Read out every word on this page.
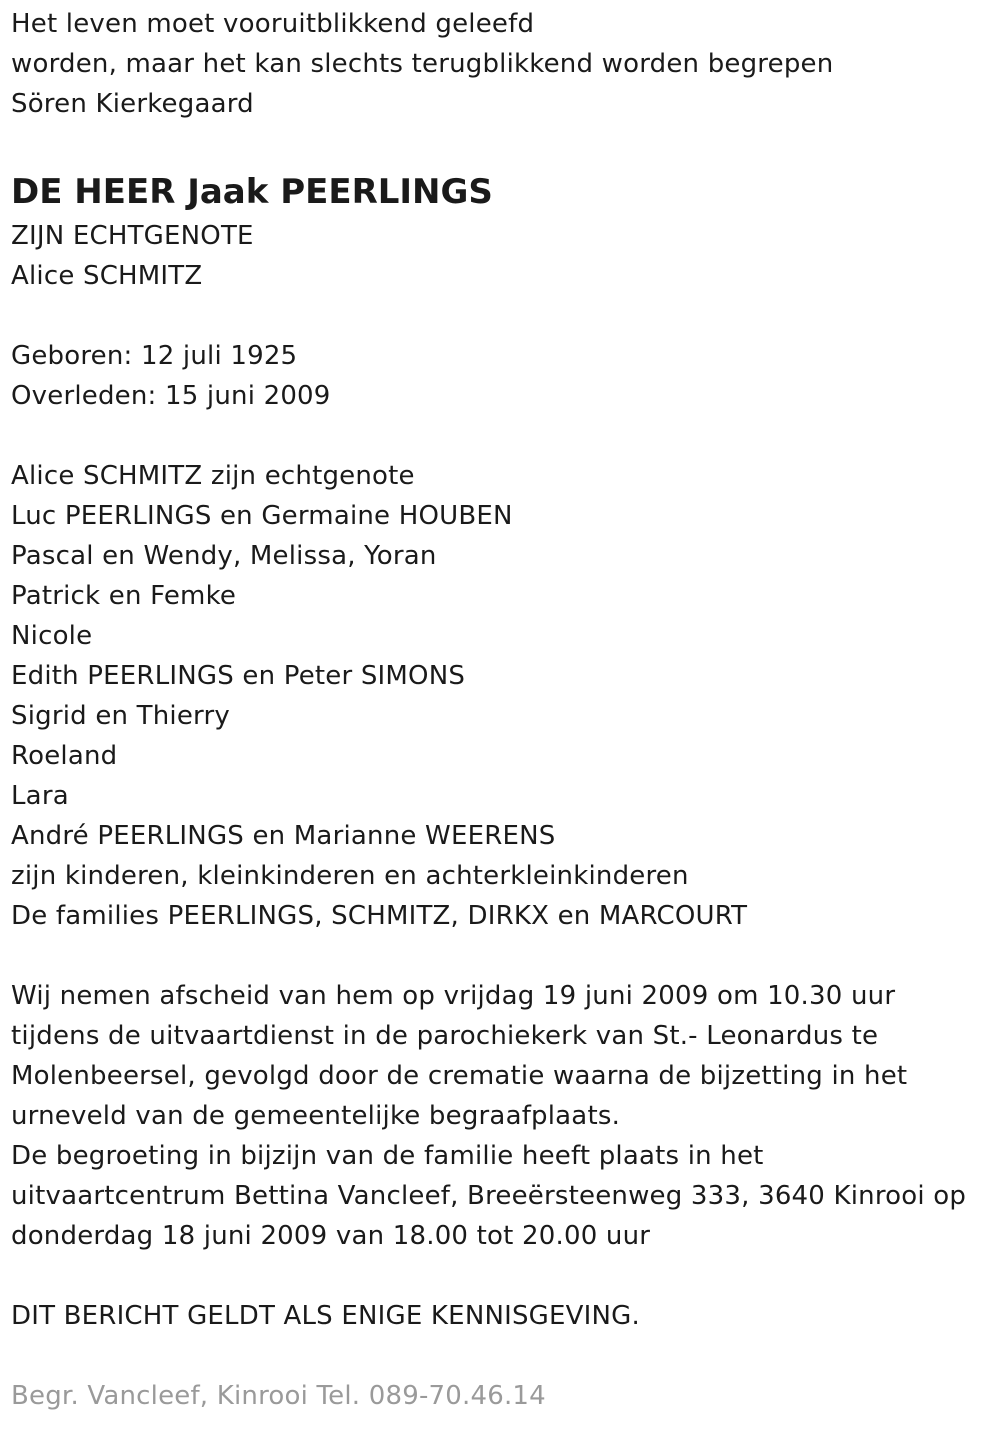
Het leven moet vooruitblikkend geleefd
worden, maar het kan slechts terugblikkend worden begrepen
Sören Kierkegaard
DE HEER Jaak PEERLINGS
ZIJN ECHTGENOTE
Alice SCHMITZ
Geboren: 12 juli 1925
Overleden: 15 juni 2009
Alice SCHMITZ zijn echtgenote
Luc PEERLINGS en Germaine HOUBEN
Pascal en Wendy, Melissa, Yoran
Patrick en Femke
Nicole
Edith PEERLINGS en Peter SIMONS
Sigrid en Thierry
Roeland
Lara
André PEERLINGS en Marianne WEERENS
zijn kinderen, kleinkinderen en achterkleinkinderen
De families PEERLINGS, SCHMITZ, DIRKX en MARCOURT
Wij nemen afscheid van hem op vrijdag 19 juni 2009 om 10.30 uur
tijdens de uitvaartdienst in de parochiekerk van St.- Leonardus te
Molenbeersel, gevolgd door de crematie waarna de bijzetting in het
urneveld van de gemeentelijke begraafplaats.
De begroeting in bijzijn van de familie heeft plaats in het
uitvaartcentrum Bettina Vancleef, Breeërsteenweg 333, 3640 Kinrooi op
donderdag 18 juni 2009 van 18.00 tot 20.00 uur
DIT BERICHT GELDT ALS ENIGE KENNISGEVING.
Begr. Vancleef, Kinrooi Tel. 089-70.46.14
